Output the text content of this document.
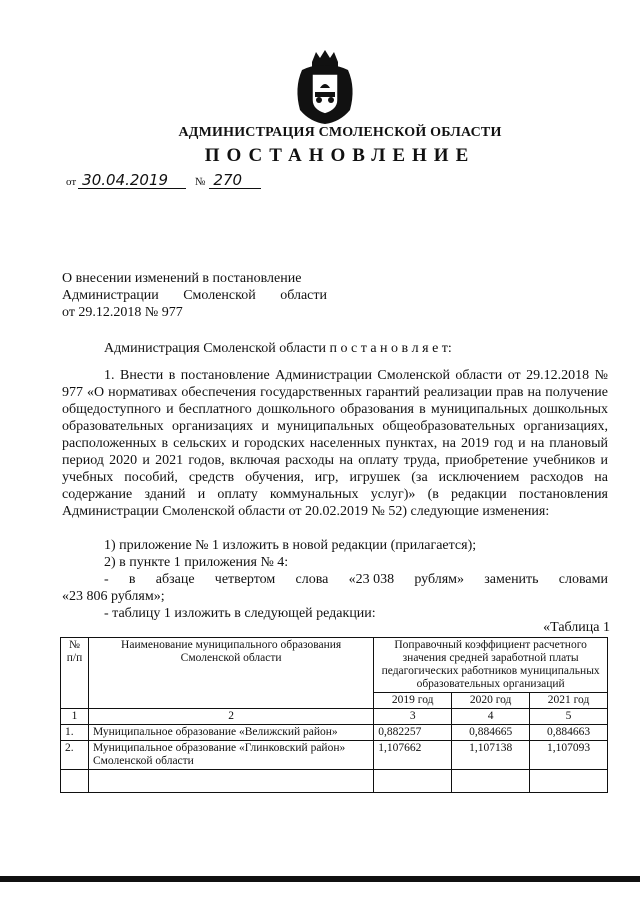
АДМИНИСТРАЦИЯ СМОЛЕНСКОЙ ОБЛАСТИ
ПОСТАНОВЛЕНИЕ
от 30.04.2019 № 270
О внесении изменений в постановление
Администрации Смоленской области
от 29.12.2018 № 977
Администрация Смоленской области п о с т а н о в л я е т:
1. Внести в постановление Администрации Смоленской области от 29.12.2018 № 977 «О нормативах обеспечения государственных гарантий реализации прав на получение общедоступного и бесплатного дошкольного образования в муниципальных дошкольных образовательных организациях и муниципальных общеобразовательных организациях, расположенных в сельских и городских населенных пунктах, на 2019 год и на плановый период 2020 и 2021 годов, включая расходы на оплату труда, приобретение учебников и учебных пособий, средств обучения, игр, игрушек (за исключением расходов на содержание зданий и оплату коммунальных услуг)» (в редакции постановления Администрации Смоленской области от 20.02.2019 № 52) следующие изменения:
1) приложение № 1 изложить в новой редакции (прилагается);
2) в пункте 1 приложения № 4:
- в абзаце четвертом слова «23 038 рублям» заменить словами
«23 806 рублям»;
- таблицу 1 изложить в следующей редакции:
«Таблица 1
№ п/п	Наименование муниципального образования Смоленской области	Поправочный коэффициент расчетного значения средней заработной платы педагогических работников муниципальных образовательных организаций		
		2019 год	2020 год	2021 год
1	2	3	4	5
1.	Муниципальное образование «Велижский район»	0,882257	0,884665	0,884663
2.	Муниципальное образование «Глинковский район» Смоленской области	1,107662	1,107138	1,107093
